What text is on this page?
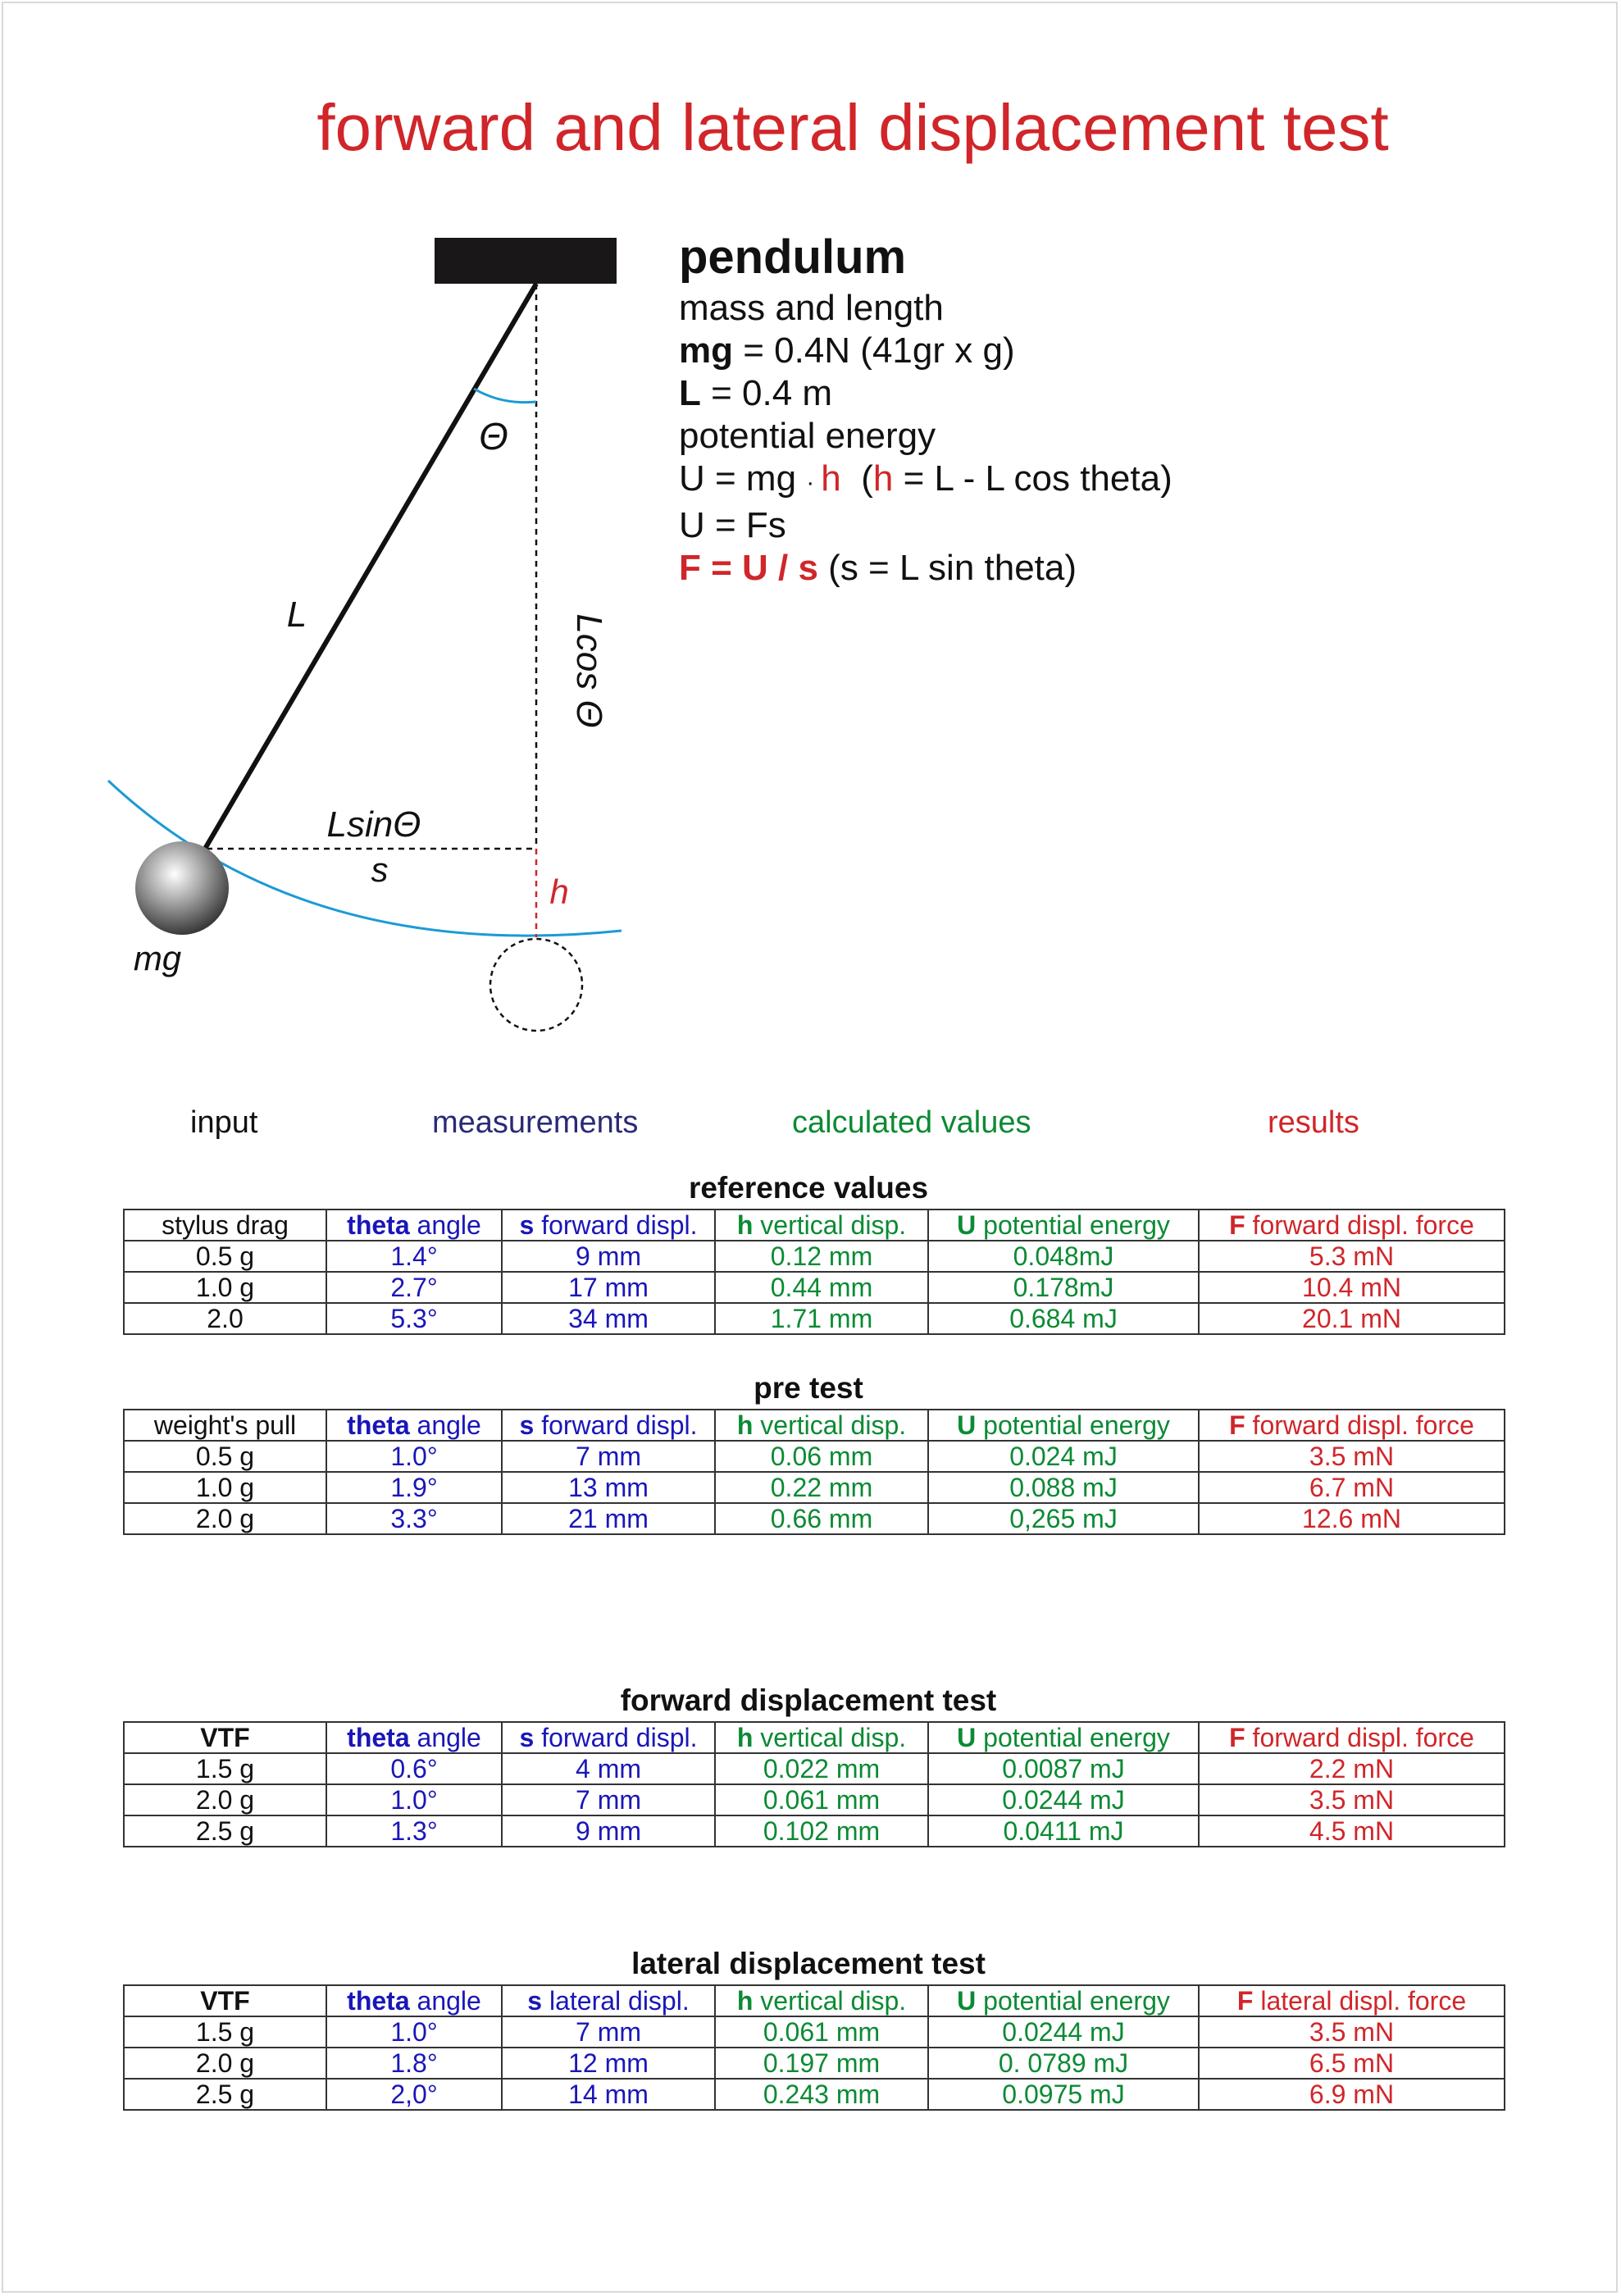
forward and lateral displacement test
Θ
L	Lcos Θ
LsinΘ
s
h
mg
pendulum
mass and length
mg = 0.4N (41gr x g)
L = 0.4 m
potential energy
U = mg · h  (h = L - L cos theta)
U = Fs
F = U / s (s = L sin theta)
input	measurements	calculated values	results
reference values
stylus drag	theta angle	s forward displ.	h vertical disp.	U potential energy	F forward displ. force
0.5 g	1.4°	9 mm	0.12 mm	0.048mJ	5.3 mN
1.0 g	2.7°	17 mm	0.44 mm	0.178mJ	10.4 mN
2.0	5.3°	34 mm	1.71 mm	0.684 mJ	20.1 mN
pre test
weight's pull	theta angle	s forward displ.	h vertical disp.	U potential energy	F forward displ. force
0.5 g	1.0°	7 mm	0.06 mm	0.024 mJ	3.5 mN
1.0 g	1.9°	13 mm	0.22 mm	0.088 mJ	6.7 mN
2.0 g	3.3°	21 mm	0.66 mm	0,265 mJ	12.6 mN
forward displacement test
VTF	theta angle	s forward displ.	h vertical disp.	U potential energy	F forward displ. force
1.5 g	0.6°	4 mm	0.022 mm	0.0087 mJ	2.2 mN
2.0 g	1.0°	7 mm	0.061 mm	0.0244 mJ	3.5 mN
2.5 g	1.3°	9 mm	0.102 mm	0.0411 mJ	4.5 mN
lateral displacement test
VTF	theta angle	s lateral displ.	h vertical disp.	U potential energy	F lateral displ. force
1.5 g	1.0°	7 mm	0.061 mm	0.0244 mJ	3.5 mN
2.0 g	1.8°	12 mm	0.197 mm	0. 0789 mJ	6.5 mN
2.5 g	2,0°	14 mm	0.243 mm	0.0975 mJ	6.9 mN
